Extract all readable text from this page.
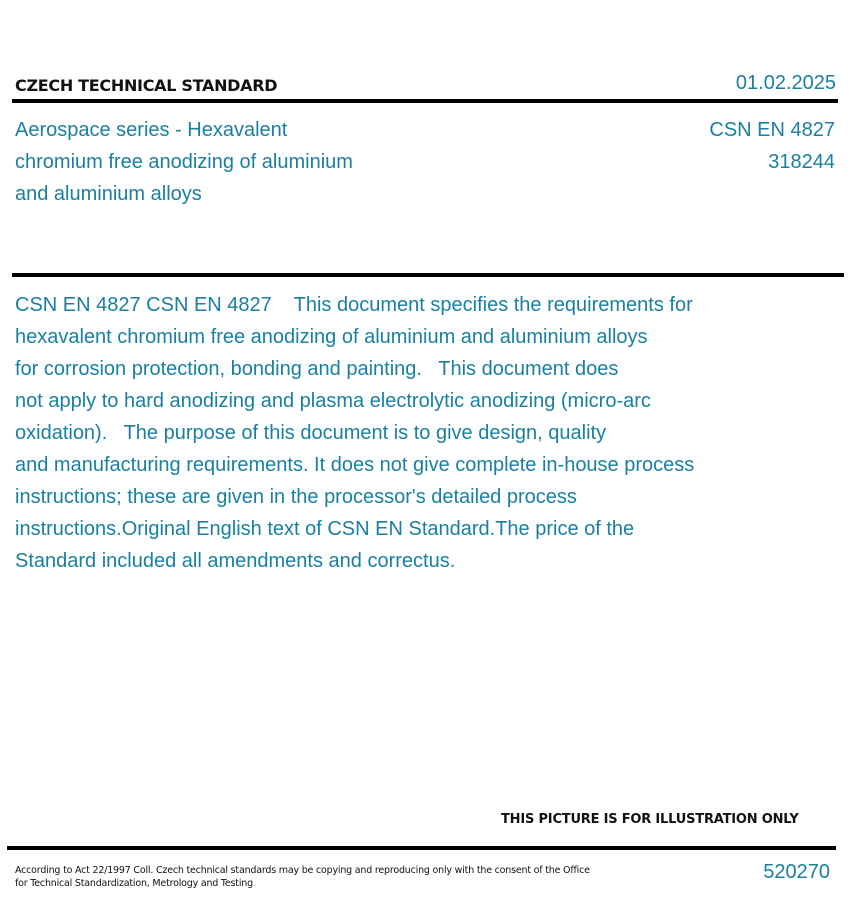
CZECH TECHNICAL STANDARD	01.02.2025
Aerospace series - Hexavalent
chromium free anodizing of aluminium
and aluminium alloys
CSN EN 4827
318244
CSN EN 4827 CSN EN 4827    This document specifies the requirements for
hexavalent chromium free anodizing of aluminium and aluminium alloys
for corrosion protection, bonding and painting.   This document does
not apply to hard anodizing and plasma electrolytic anodizing (micro-arc
oxidation).   The purpose of this document is to give design, quality
and manufacturing requirements. It does not give complete in-house process
instructions; these are given in the processor's detailed process
instructions.Original English text of CSN EN Standard.The price of the
Standard included all amendments and correctus.
THIS PICTURE IS FOR ILLUSTRATION ONLY
According to Act 22/1997 Coll. Czech technical standards may be copying and reproducing only with the consent of the Office
for Technical Standardization, Metrology and Testing
520270
